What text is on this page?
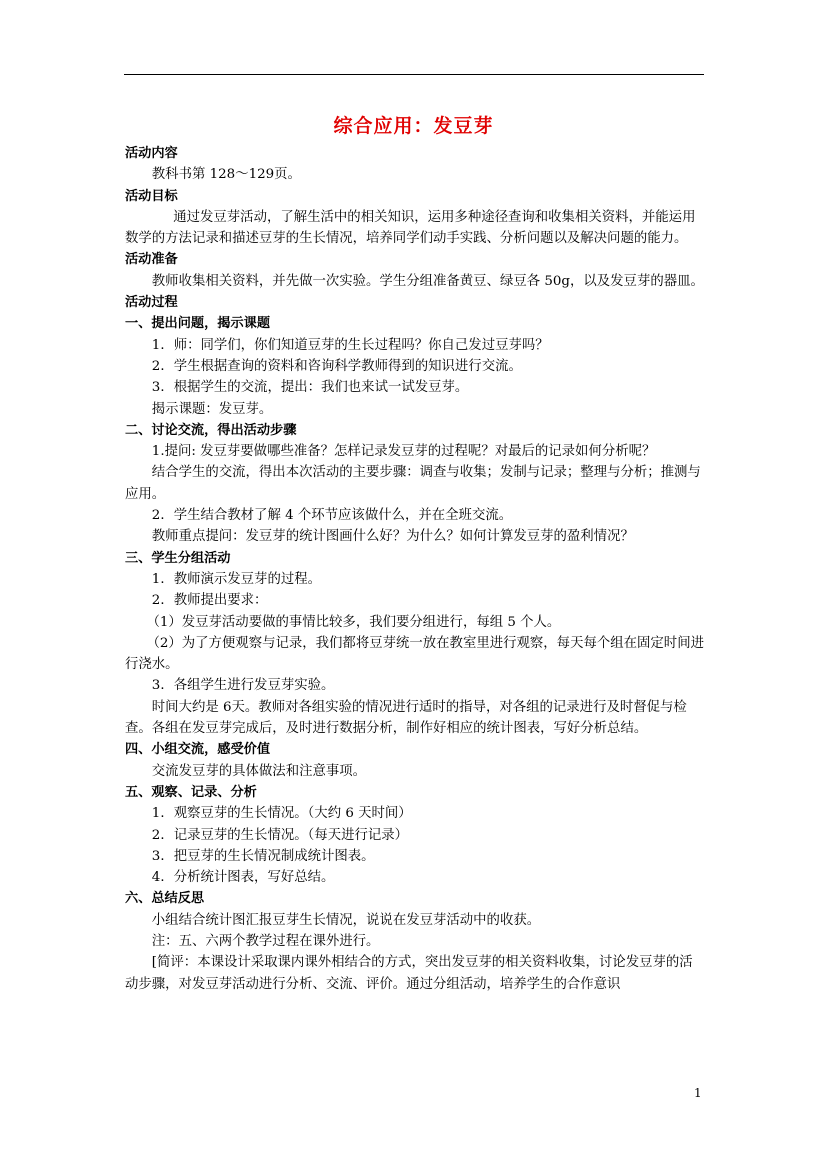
综合应用：发豆芽

活动内容

教科书第 128～129页。

活动目标

通过发豆芽活动，了解生活中的相关知识，运用多种途径查询和收集相关资料，并能运用数学的方法记录和描述豆芽的生长情况，培养同学们动手实践、分析问题以及解决问题的能力。

活动准备

教师收集相关资料，并先做一次实验。学生分组准备黄豆、绿豆各 50g，以及发豆芽的器皿。

活动过程

一、提出问题，揭示课题

1．师：同学们，你们知道豆芽的生长过程吗？你自己发过豆芽吗？

2．学生根据查询的资料和咨询科学教师得到的知识进行交流。

3．根据学生的交流，提出：我们也来试一试发豆芽。

揭示课题：发豆芽。

二、讨论交流，得出活动步骤

1.提问: 发豆芽要做哪些准备？怎样记录发豆芽的过程呢？对最后的记录如何分析呢？

结合学生的交流，得出本次活动的主要步骤：调查与收集；发制与记录；整理与分析；推测与应用。

2．学生结合教材了解 4 个环节应该做什么，并在全班交流。

教师重点提问：发豆芽的统计图画什么好？为什么？如何计算发豆芽的盈利情况？

三、学生分组活动

1．教师演示发豆芽的过程。

2．教师提出要求：

（1）发豆芽活动要做的事情比较多，我们要分组进行，每组 5 个人。

（2）为了方便观察与记录，我们都将豆芽统一放在教室里进行观察，每天每个组在固定时间进行浇水。

3．各组学生进行发豆芽实验。

时间大约是 6天。教师对各组实验的情况进行适时的指导，对各组的记录进行及时督促与检查。各组在发豆芽完成后，及时进行数据分析，制作好相应的统计图表，写好分析总结。

四、小组交流，感受价值

交流发豆芽的具体做法和注意事项。

五、观察、记录、分析

1．观察豆芽的生长情况。（大约 6 天时间）

2．记录豆芽的生长情况。（每天进行记录）

3．把豆芽的生长情况制成统计图表。

4．分析统计图表，写好总结。

六、总结反思

小组结合统计图汇报豆芽生长情况，说说在发豆芽活动中的收获。

注：五、六两个教学过程在课外进行。

[简评：本课设计采取课内课外相结合的方式，突出发豆芽的相关资料收集，讨论发豆芽的活动步骤，对发豆芽活动进行分析、交流、评价。通过分组活动，培养学生的合作意识

1
